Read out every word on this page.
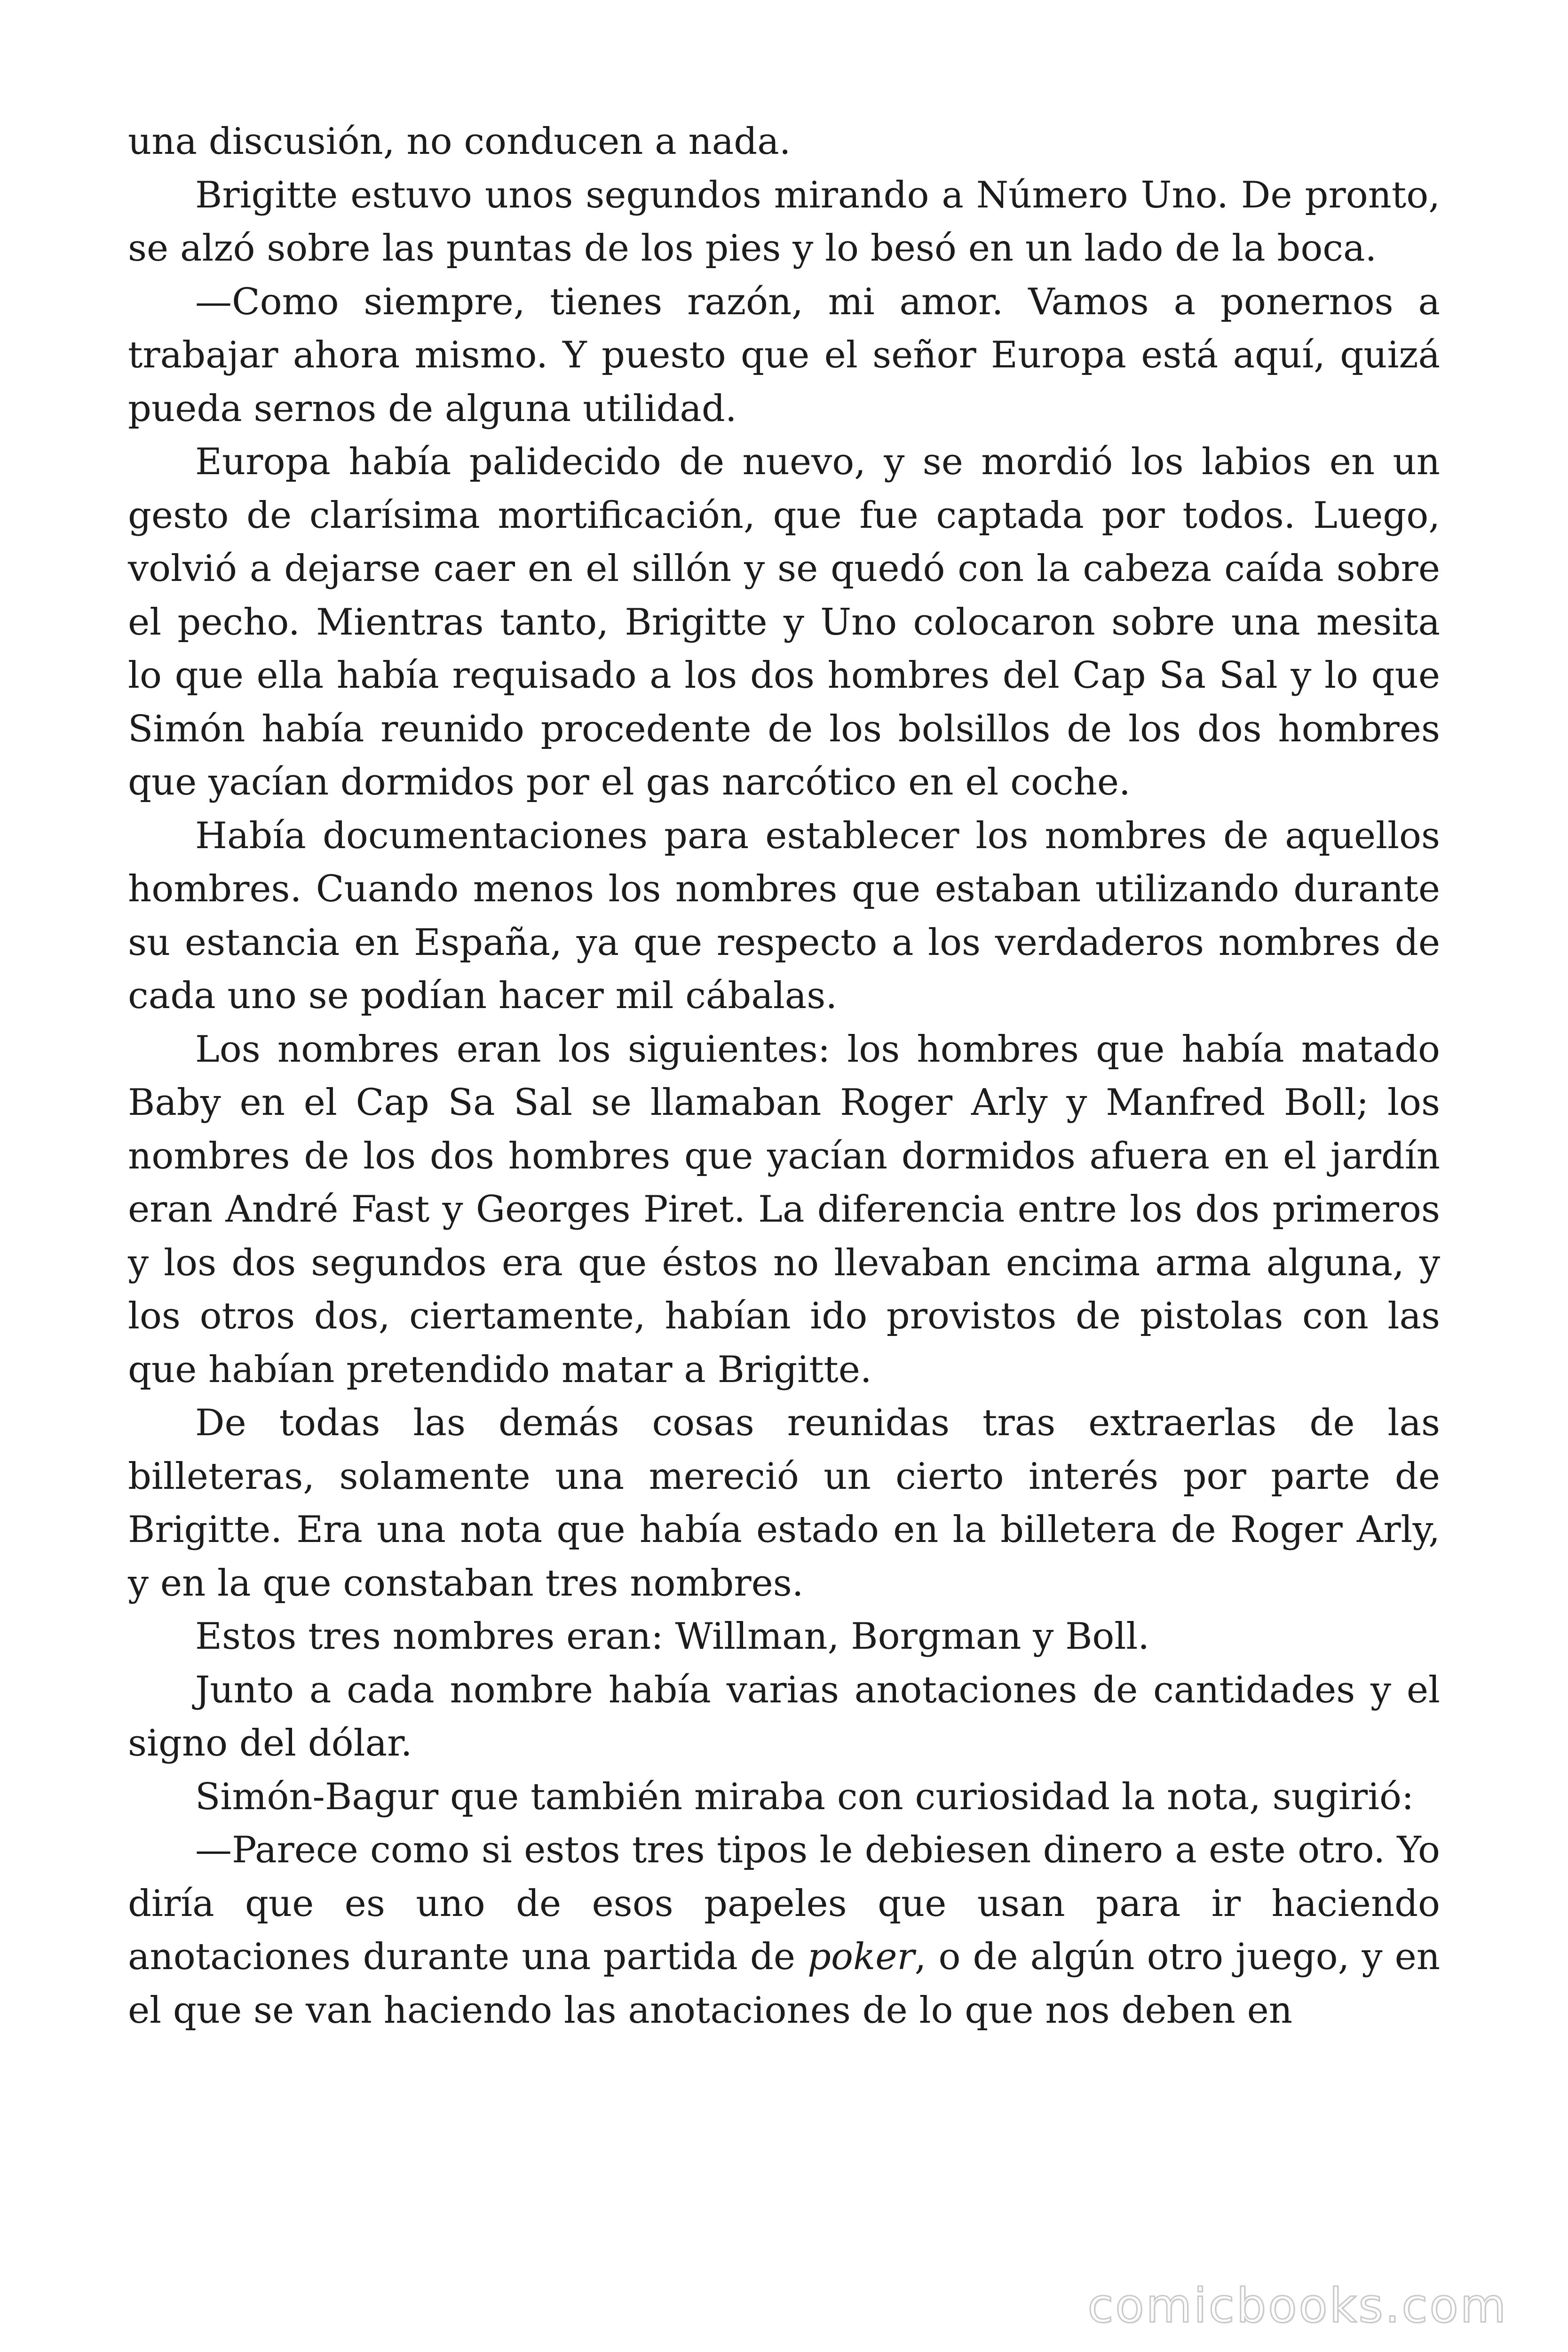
una discusión, no conducen a nada.

Brigitte estuvo unos segundos mirando a Número Uno. De pronto, se alzó sobre las puntas de los pies y lo besó en un lado de la boca.

—Como siempre, tienes razón, mi amor. Vamos a ponernos a trabajar ahora mismo. Y puesto que el señor Europa está aquí, quizá pueda sernos de alguna utilidad.

Europa había palidecido de nuevo, y se mordió los labios en un gesto de clarísima mortificación, que fue captada por todos. Luego, volvió a dejarse caer en el sillón y se quedó con la cabeza caída sobre el pecho. Mientras tanto, Brigitte y Uno colocaron sobre una mesita lo que ella había requisado a los dos hombres del Cap Sa Sal y lo que Simón había reunido procedente de los bolsillos de los dos hombres que yacían dormidos por el gas narcótico en el coche.

Había documentaciones para establecer los nombres de aquellos hombres. Cuando menos los nombres que estaban utilizando durante su estancia en España, ya que respecto a los verdaderos nombres de cada uno se podían hacer mil cábalas.

Los nombres eran los siguientes: los hombres que había matado Baby en el Cap Sa Sal se llamaban Roger Arly y Manfred Boll; los nombres de los dos hombres que yacían dormidos afuera en el jardín eran André Fast y Georges Piret. La diferencia entre los dos primeros y los dos segundos era que éstos no llevaban encima arma alguna, y los otros dos, ciertamente, habían ido provistos de pistolas con las que habían pretendido matar a Brigitte.

De todas las demás cosas reunidas tras extraerlas de las billeteras, solamente una mereció un cierto interés por parte de Brigitte. Era una nota que había estado en la billetera de Roger Arly, y en la que constaban tres nombres.

Estos tres nombres eran: Willman, Borgman y Boll.

Junto a cada nombre había varias anotaciones de cantidades y el signo del dólar.

Simón-Bagur que también miraba con curiosidad la nota, sugirió:

—Parece como si estos tres tipos le debiesen dinero a este otro. Yo diría que es uno de esos papeles que usan para ir haciendo anotaciones durante una partida de poker, o de algún otro juego, y en el que se van haciendo las anotaciones de lo que nos deben en

comicbooks.com
